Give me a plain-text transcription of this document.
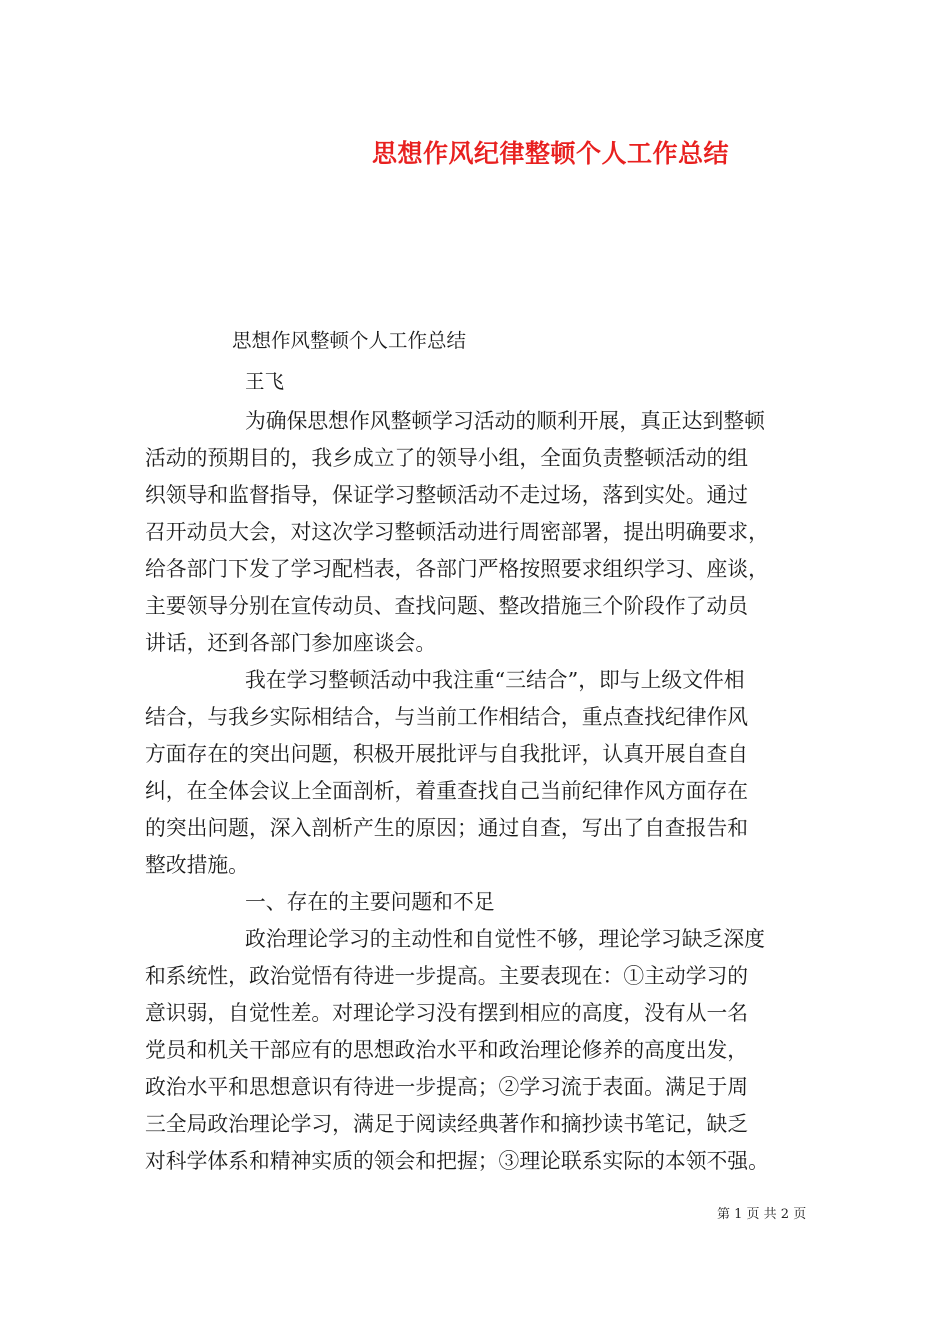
思想作风纪律整顿个人工作总结
思想作风整顿个人工作总结
王飞
为确保思想作风整顿学习活动的顺利开展，真正达到整顿
活动的预期目的，我乡成立了的领导小组，全面负责整顿活动的组
织领导和监督指导，保证学习整顿活动不走过场，落到实处。通过
召开动员大会，对这次学习整顿活动进行周密部署，提出明确要求，
给各部门下发了学习配档表，各部门严格按照要求组织学习、座谈，
主要领导分别在宣传动员、查找问题、整改措施三个阶段作了动员
讲话，还到各部门参加座谈会。
我在学习整顿活动中我注重“三结合”，即与上级文件相
结合，与我乡实际相结合，与当前工作相结合，重点查找纪律作风
方面存在的突出问题，积极开展批评与自我批评，认真开展自查自
纠，在全体会议上全面剖析，着重查找自己当前纪律作风方面存在
的突出问题，深入剖析产生的原因；通过自查，写出了自查报告和
整改措施。
一、存在的主要问题和不足
政治理论学习的主动性和自觉性不够，理论学习缺乏深度
和系统性，政治觉悟有待进一步提高。主要表现在：①主动学习的
意识弱，自觉性差。对理论学习没有摆到相应的高度，没有从一名
党员和机关干部应有的思想政治水平和政治理论修养的高度出发，
政治水平和思想意识有待进一步提高；②学习流于表面。满足于周
三全局政治理论学习，满足于阅读经典著作和摘抄读书笔记，缺乏
对科学体系和精神实质的领会和把握；③理论联系实际的本领不强。
第 1 页 共 2 页
